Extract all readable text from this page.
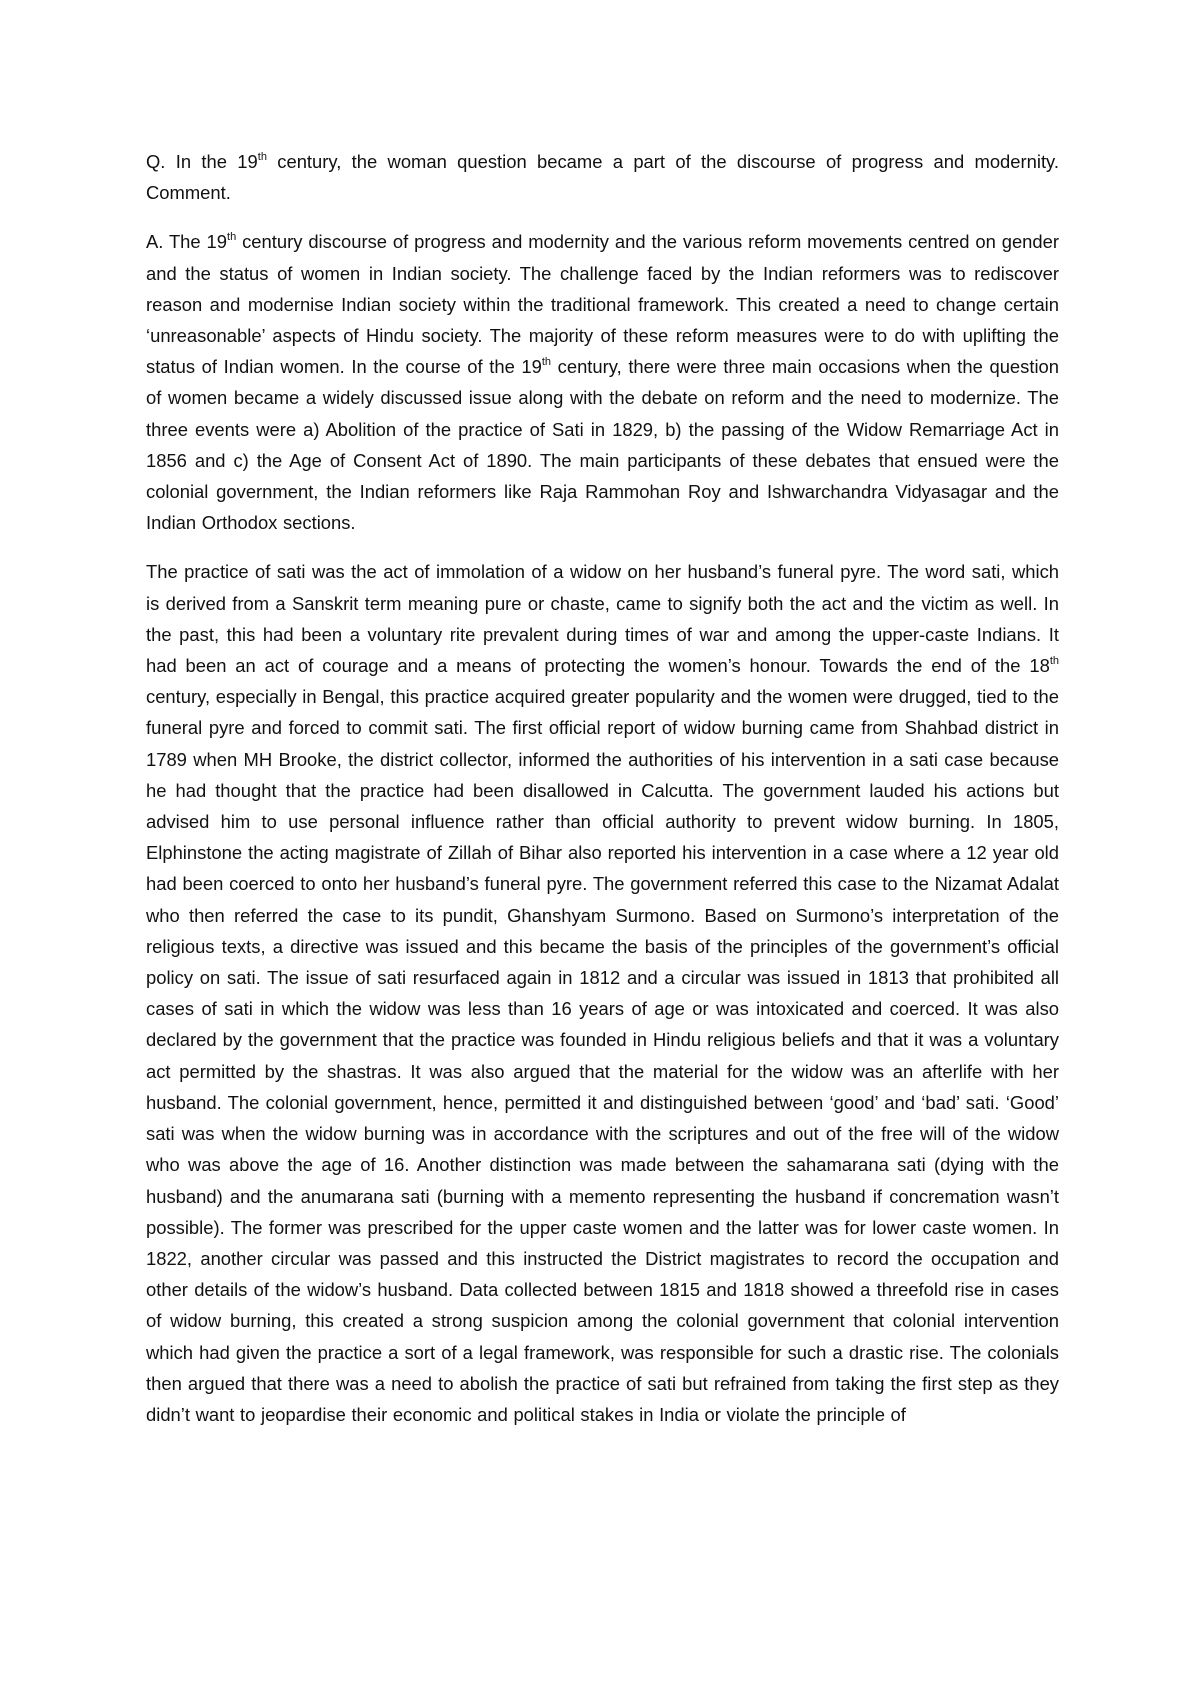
Q. In the 19th century, the woman question became a part of the discourse of progress and modernity. Comment.

A. The 19th century discourse of progress and modernity and the various reform movements centred on gender and the status of women in Indian society. The challenge faced by the Indian reformers was to rediscover reason and modernise Indian society within the traditional framework. This created a need to change certain ‘unreasonable’ aspects of Hindu society. The majority of these reform measures were to do with uplifting the status of Indian women. In the course of the 19th century, there were three main occasions when the question of women became a widely discussed issue along with the debate on reform and the need to modernize. The three events were a) Abolition of the practice of Sati in 1829, b) the passing of the Widow Remarriage Act in 1856 and c) the Age of Consent Act of 1890. The main participants of these debates that ensued were the colonial government, the Indian reformers like Raja Rammohan Roy and Ishwarchandra Vidyasagar and the Indian Orthodox sections.

The practice of sati was the act of immolation of a widow on her husband’s funeral pyre. The word sati, which is derived from a Sanskrit term meaning pure or chaste, came to signify both the act and the victim as well. In the past, this had been a voluntary rite prevalent during times of war and among the upper-caste Indians. It had been an act of courage and a means of protecting the women’s honour. Towards the end of the 18th century, especially in Bengal, this practice acquired greater popularity and the women were drugged, tied to the funeral pyre and forced to commit sati. The first official report of widow burning came from Shahbad district in 1789 when MH Brooke, the district collector, informed the authorities of his intervention in a sati case because he had thought that the practice had been disallowed in Calcutta. The government lauded his actions but advised him to use personal influence rather than official authority to prevent widow burning. In 1805, Elphinstone the acting magistrate of Zillah of Bihar also reported his intervention in a case where a 12 year old had been coerced to onto her husband’s funeral pyre. The government referred this case to the Nizamat Adalat who then referred the case to its pundit, Ghanshyam Surmono. Based on Surmono’s interpretation of the religious texts, a directive was issued and this became the basis of the principles of the government’s official policy on sati. The issue of sati resurfaced again in 1812 and a circular was issued in 1813 that prohibited all cases of sati in which the widow was less than 16 years of age or was intoxicated and coerced. It was also declared by the government that the practice was founded in Hindu religious beliefs and that it was a voluntary act permitted by the shastras. It was also argued that the material for the widow was an afterlife with her husband. The colonial government, hence, permitted it and distinguished between ‘good’ and ‘bad’ sati. ‘Good’ sati was when the widow burning was in accordance with the scriptures and out of the free will of the widow who was above the age of 16. Another distinction was made between the sahamarana sati (dying with the husband) and the anumarana sati (burning with a memento representing the husband if concremation wasn’t possible). The former was prescribed for the upper caste women and the latter was for lower caste women. In 1822, another circular was passed and this instructed the District magistrates to record the occupation and other details of the widow’s husband. Data collected between 1815 and 1818 showed a threefold rise in cases of widow burning, this created a strong suspicion among the colonial government that colonial intervention which had given the practice a sort of a legal framework, was responsible for such a drastic rise. The colonials then argued that there was a need to abolish the practice of sati but refrained from taking the first step as they didn’t want to jeopardise their economic and political stakes in India or violate the principle of
